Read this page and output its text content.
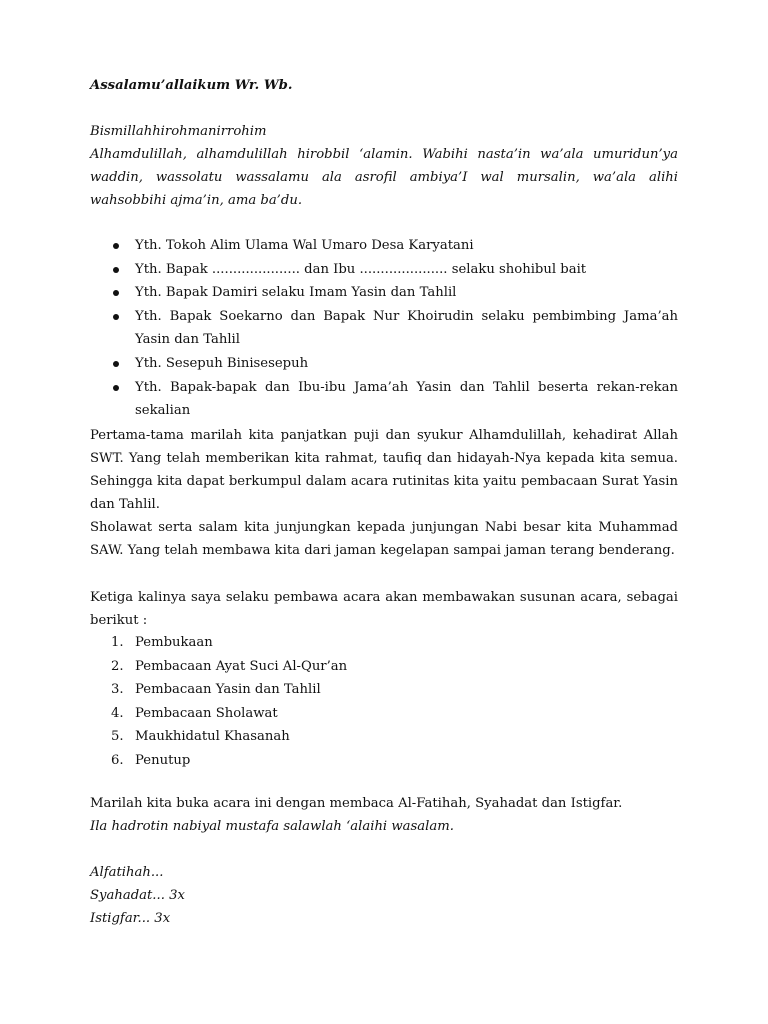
Assalamu’allaikum Wr. Wb.
Bismillahhirohmanirrohim
Alhamdulillah, alhamdulillah hirobbil ‘alamin. Wabihi nasta’in wa’ala umuridun’ya waddin, wassolatu wassalamu ala asrofil ambiya’I wal mursalin, wa’ala alihi wahsobbihi ajma’in, ama ba’du.
Yth. Tokoh Alim Ulama Wal Umaro Desa Karyatani
Yth. Bapak ..................... dan Ibu ..................... selaku shohibul bait
Yth. Bapak Damiri selaku Imam Yasin dan Tahlil
Yth. Bapak Soekarno dan Bapak Nur Khoirudin selaku pembimbing Jama’ah Yasin dan Tahlil
Yth. Sesepuh Binisesepuh
Yth. Bapak-bapak dan Ibu-ibu Jama’ah Yasin dan Tahlil beserta rekan-rekan sekalian
Pertama-tama marilah kita panjatkan puji dan syukur Alhamdulillah, kehadirat Allah SWT. Yang telah memberikan kita rahmat, taufiq dan hidayah-Nya kepada kita semua. Sehingga kita dapat berkumpul dalam acara rutinitas kita yaitu pembacaan Surat Yasin dan Tahlil.
Sholawat serta salam kita junjungkan kepada junjungan Nabi besar kita Muhammad SAW. Yang telah membawa kita dari jaman kegelapan sampai jaman terang benderang.
Ketiga kalinya saya selaku pembawa acara akan membawakan susunan acara, sebagai berikut :
1. Pembukaan
2. Pembacaan Ayat Suci Al-Qur’an
3. Pembacaan Yasin dan Tahlil
4. Pembacaan Sholawat
5. Maukhidatul Khasanah
6. Penutup
Marilah kita buka acara ini dengan membaca Al-Fatihah, Syahadat dan Istigfar.
Ila hadrotin nabiyal mustafa salawlah ‘alaihi wasalam.
Alfatihah...
Syahadat... 3x
Istigfar... 3x
